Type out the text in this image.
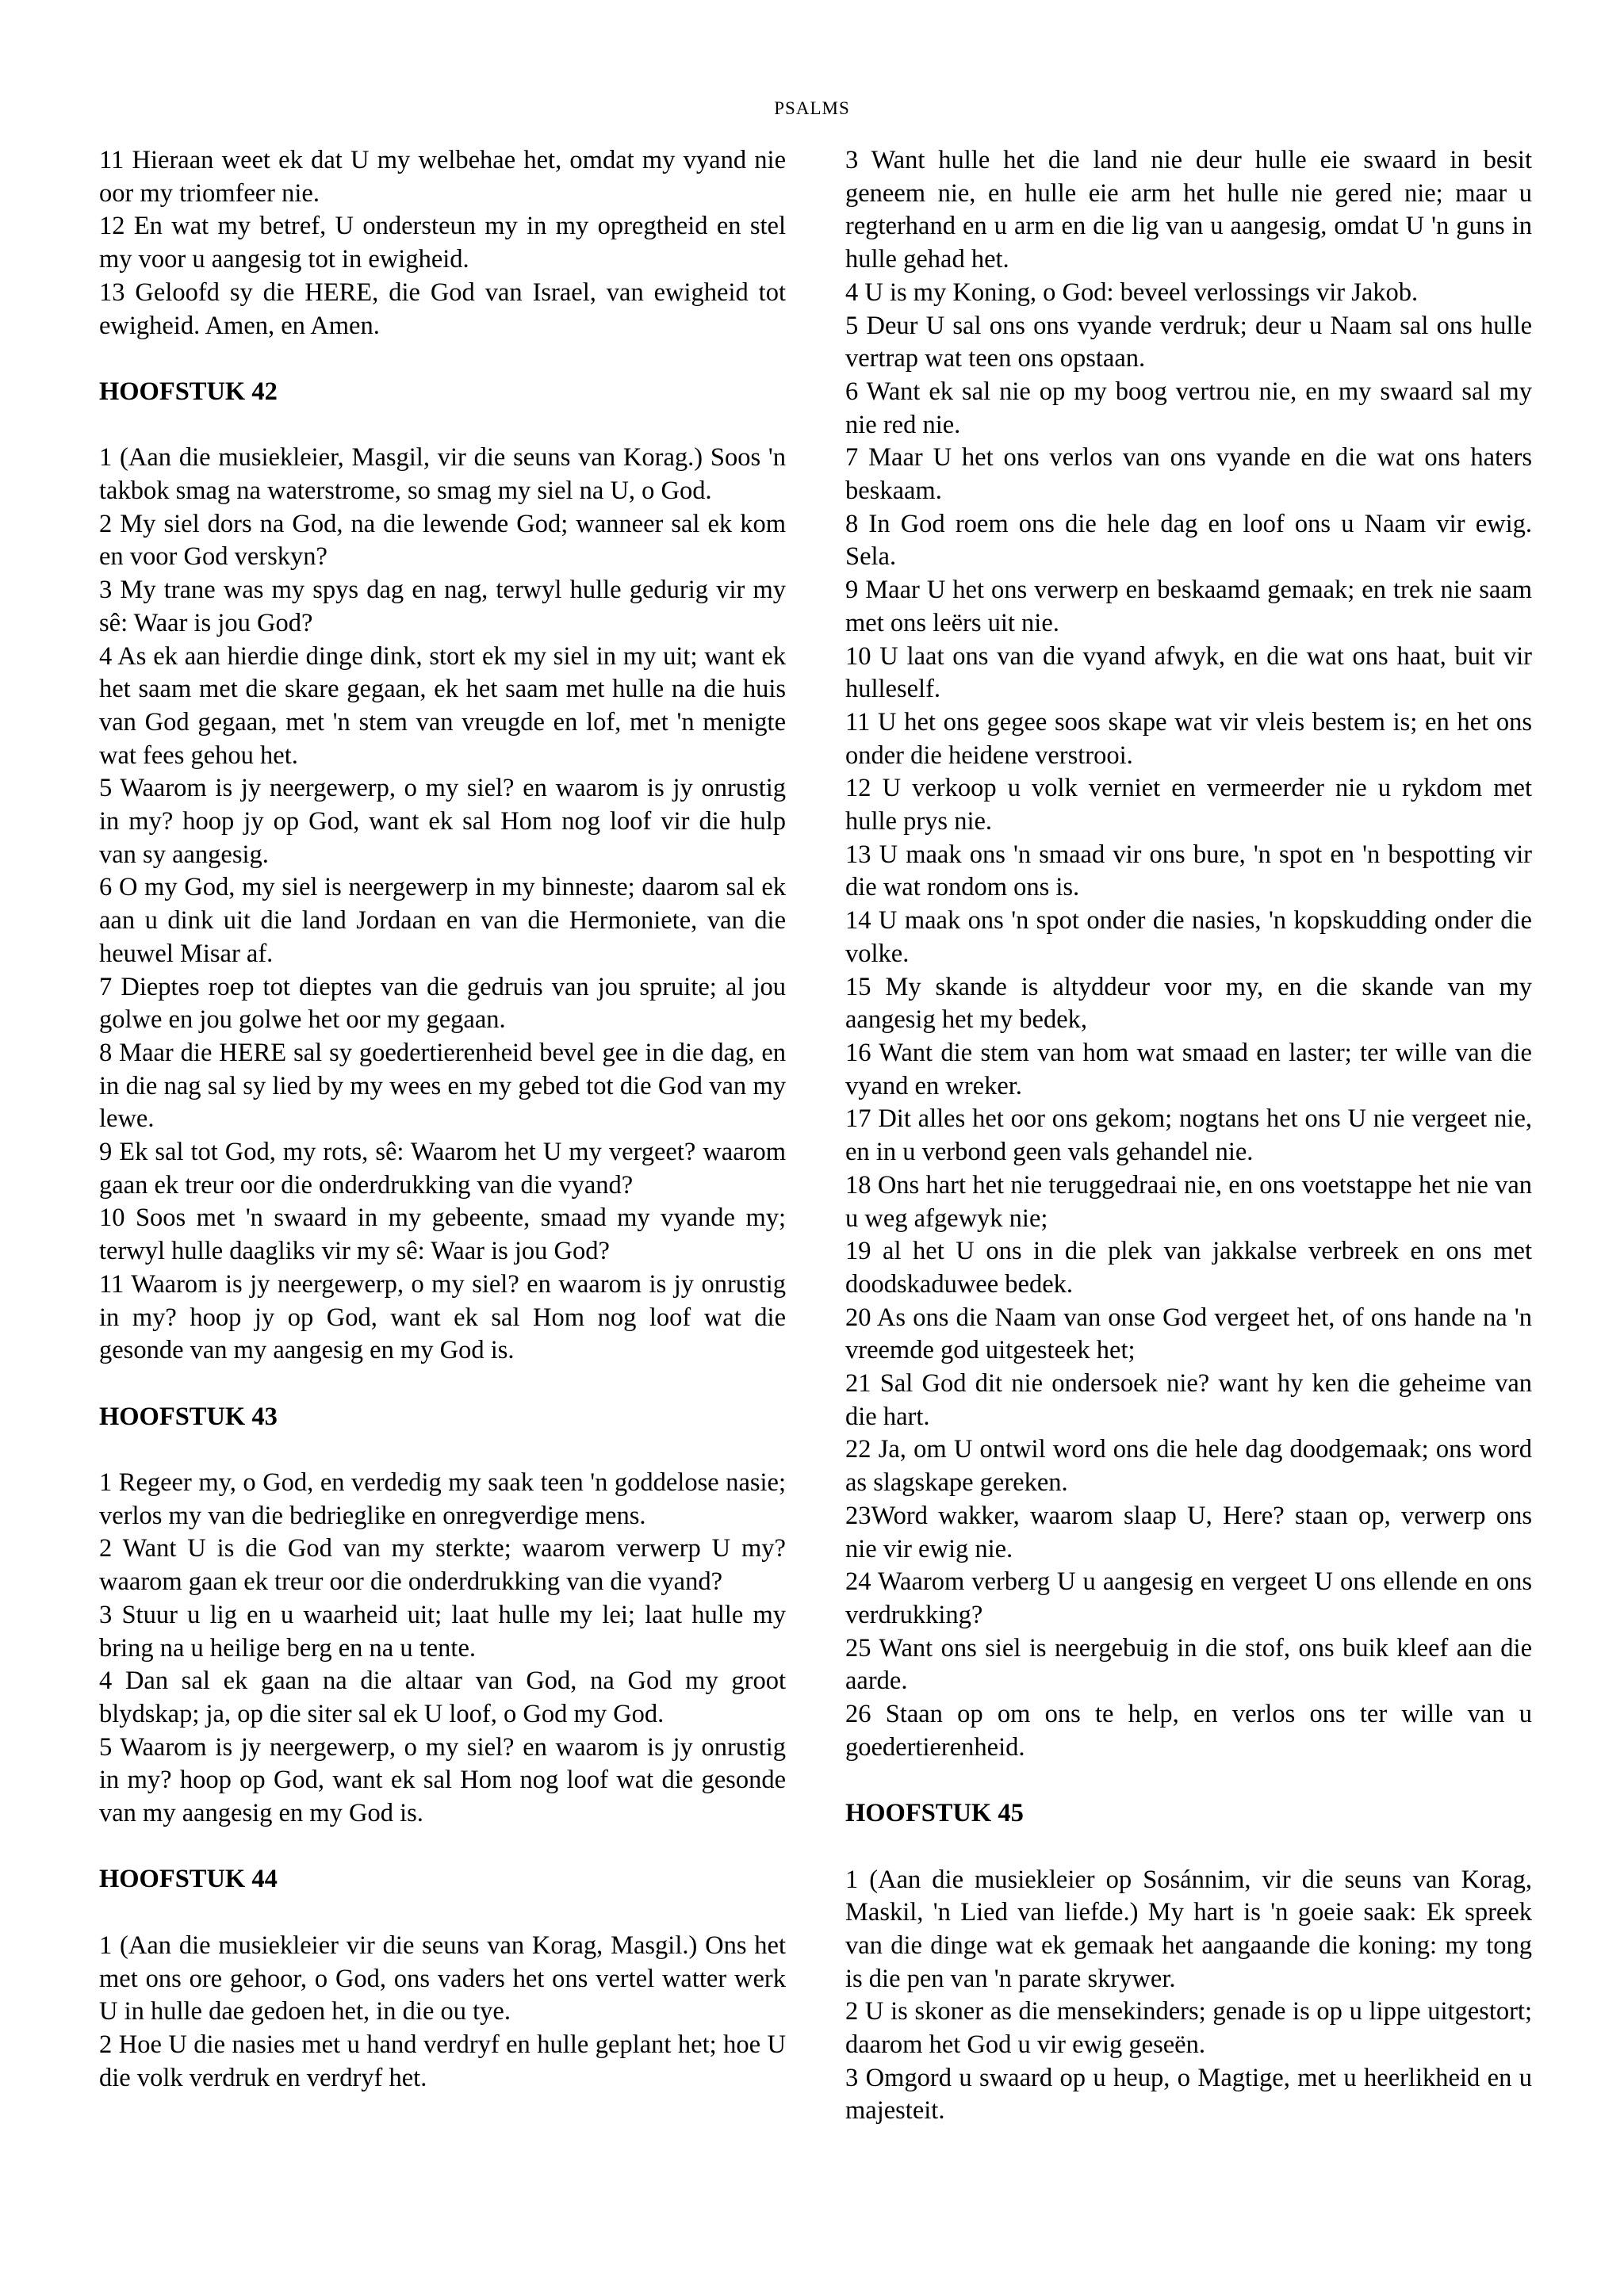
PSALMS

11 Hieraan weet ek dat U my welbehae het, omdat my vyand nie oor my triomfeer nie.

12 En wat my betref, U ondersteun my in my opregtheid en stel my voor u aangesig tot in ewigheid.

13 Geloofd sy die HERE, die God van Israel, van ewigheid tot ewigheid. Amen, en Amen.

HOOFSTUK 42

1 (Aan die musiekleier, Masgil, vir die seuns van Korag.) Soos 'n takbok smag na waterstrome, so smag my siel na U, o God.

2 My siel dors na God, na die lewende God; wanneer sal ek kom en voor God verskyn?

3 My trane was my spys dag en nag, terwyl hulle gedurig vir my sê: Waar is jou God?

4 As ek aan hierdie dinge dink, stort ek my siel in my uit; want ek het saam met die skare gegaan, ek het saam met hulle na die huis van God gegaan, met 'n stem van vreugde en lof, met 'n menigte wat fees gehou het.

5 Waarom is jy neergewerp, o my siel? en waarom is jy onrustig in my? hoop jy op God, want ek sal Hom nog loof vir die hulp van sy aangesig.

6 O my God, my siel is neergewerp in my binneste; daarom sal ek aan u dink uit die land Jordaan en van die Hermoniete, van die heuwel Misar af.

7 Dieptes roep tot dieptes van die gedruis van jou spruite; al jou golwe en jou golwe het oor my gegaan.

8 Maar die HERE sal sy goedertierenheid bevel gee in die dag, en in die nag sal sy lied by my wees en my gebed tot die God van my lewe.

9 Ek sal tot God, my rots, sê: Waarom het U my vergeet? waarom gaan ek treur oor die onderdrukking van die vyand?

10 Soos met 'n swaard in my gebeente, smaad my vyande my; terwyl hulle daagliks vir my sê: Waar is jou God?

11 Waarom is jy neergewerp, o my siel? en waarom is jy onrustig in my? hoop jy op God, want ek sal Hom nog loof wat die gesonde van my aangesig en my God is.

HOOFSTUK 43

1 Regeer my, o God, en verdedig my saak teen 'n goddelose nasie; verlos my van die bedrieglike en onregverdige mens.

2 Want U is die God van my sterkte; waarom verwerp U my? waarom gaan ek treur oor die onderdrukking van die vyand?

3 Stuur u lig en u waarheid uit; laat hulle my lei; laat hulle my bring na u heilige berg en na u tente.

4 Dan sal ek gaan na die altaar van God, na God my groot blydskap; ja, op die siter sal ek U loof, o God my God.

5 Waarom is jy neergewerp, o my siel? en waarom is jy onrustig in my? hoop op God, want ek sal Hom nog loof wat die gesonde van my aangesig en my God is.

HOOFSTUK 44

1 (Aan die musiekleier vir die seuns van Korag, Masgil.) Ons het met ons ore gehoor, o God, ons vaders het ons vertel watter werk U in hulle dae gedoen het, in die ou tye.

2 Hoe U die nasies met u hand verdryf en hulle geplant het; hoe U die volk verdruk en verdryf het.

3 Want hulle het die land nie deur hulle eie swaard in besit geneem nie, en hulle eie arm het hulle nie gered nie; maar u regterhand en u arm en die lig van u aangesig, omdat U 'n guns in hulle gehad het.

4 U is my Koning, o God: beveel verlossings vir Jakob.

5 Deur U sal ons ons vyande verdruk; deur u Naam sal ons hulle vertrap wat teen ons opstaan.

6 Want ek sal nie op my boog vertrou nie, en my swaard sal my nie red nie.

7 Maar U het ons verlos van ons vyande en die wat ons haters beskaam.

8 In God roem ons die hele dag en loof ons u Naam vir ewig. Sela.

9 Maar U het ons verwerp en beskaamd gemaak; en trek nie saam met ons leërs uit nie.

10 U laat ons van die vyand afwyk, en die wat ons haat, buit vir hulleself.

11 U het ons gegee soos skape wat vir vleis bestem is; en het ons onder die heidene verstrooi.

12 U verkoop u volk verniet en vermeerder nie u rykdom met hulle prys nie.

13 U maak ons 'n smaad vir ons bure, 'n spot en 'n bespotting vir die wat rondom ons is.

14 U maak ons 'n spot onder die nasies, 'n kopskudding onder die volke.

15 My skande is altyddeur voor my, en die skande van my aangesig het my bedek,

16 Want die stem van hom wat smaad en laster; ter wille van die vyand en wreker.

17 Dit alles het oor ons gekom; nogtans het ons U nie vergeet nie, en in u verbond geen vals gehandel nie.

18 Ons hart het nie teruggedraai nie, en ons voetstappe het nie van u weg afgewyk nie;

19 al het U ons in die plek van jakkalse verbreek en ons met doodskaduwee bedek.

20 As ons die Naam van onse God vergeet het, of ons hande na 'n vreemde god uitgesteek het;

21 Sal God dit nie ondersoek nie? want hy ken die geheime van die hart.

22 Ja, om U ontwil word ons die hele dag doodgemaak; ons word as slagskape gereken.

23Word wakker, waarom slaap U, Here? staan op, verwerp ons nie vir ewig nie.

24 Waarom verberg U u aangesig en vergeet U ons ellende en ons verdrukking?

25 Want ons siel is neergebuig in die stof, ons buik kleef aan die aarde.

26 Staan op om ons te help, en verlos ons ter wille van u goedertierenheid.

HOOFSTUK 45

1 (Aan die musiekleier op Sosánnim, vir die seuns van Korag, Maskil, 'n Lied van liefde.) My hart is 'n goeie saak: Ek spreek van die dinge wat ek gemaak het aangaande die koning: my tong is die pen van 'n parate skrywer.

2 U is skoner as die mensekinders; genade is op u lippe uitgestort; daarom het God u vir ewig geseën.

3 Omgord u swaard op u heup, o Magtige, met u heerlikheid en u majesteit.
